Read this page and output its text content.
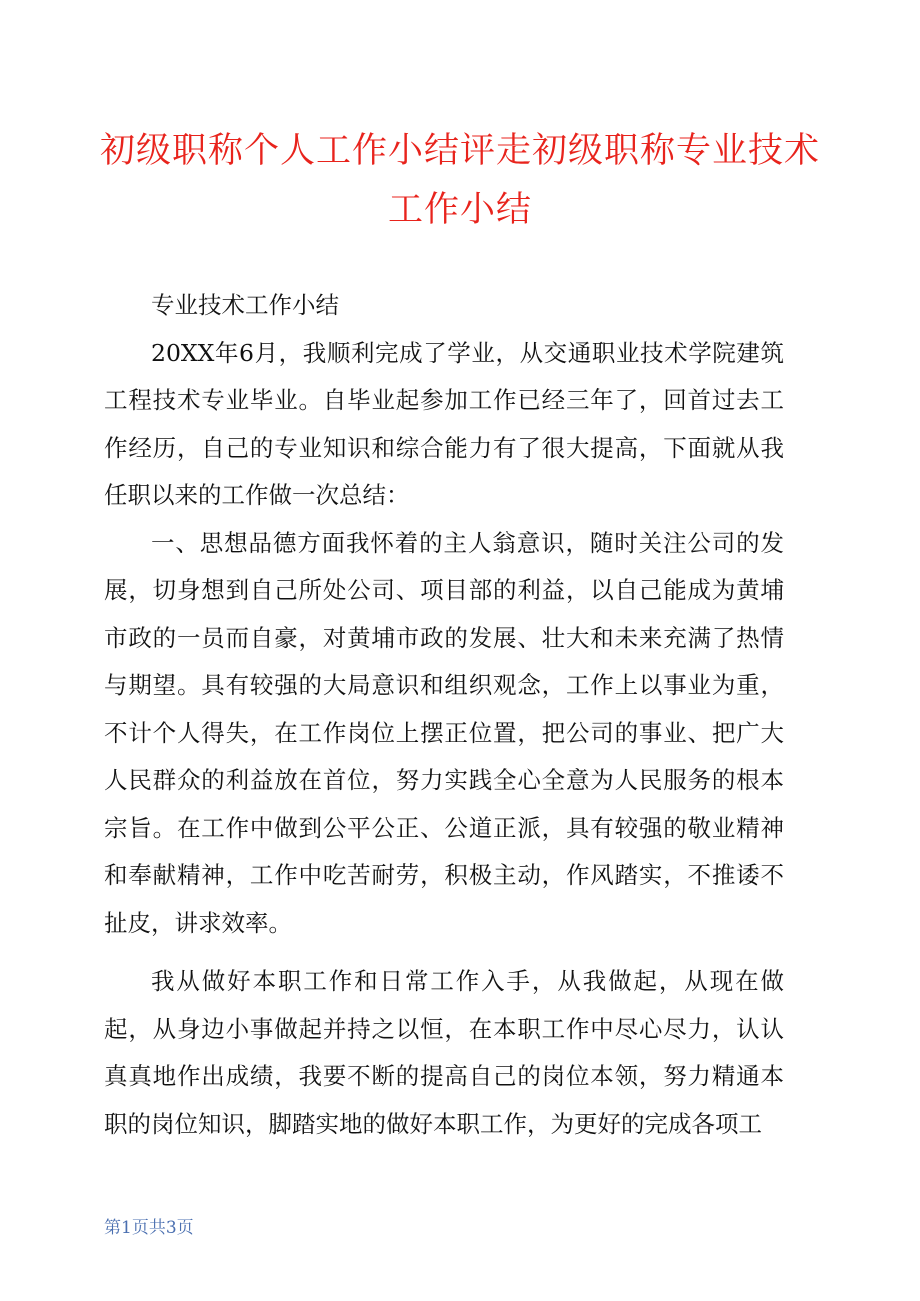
初级职称个人工作小结评走初级职称专业技术工作小结

专业技术工作小结

20XX年6月，我顺利完成了学业，从交通职业技术学院建筑工程技术专业毕业。自毕业起参加工作已经三年了，回首过去工作经历，自己的专业知识和综合能力有了很大提高，下面就从我任职以来的工作做一次总结：

一、思想品德方面我怀着的主人翁意识，随时关注公司的发展，切身想到自己所处公司、项目部的利益，以自己能成为黄埔市政的一员而自豪，对黄埔市政的发展、壮大和未来充满了热情与期望。具有较强的大局意识和组织观念，工作上以事业为重，不计个人得失，在工作岗位上摆正位置，把公司的事业、把广大人民群众的利益放在首位，努力实践全心全意为人民服务的根本宗旨。在工作中做到公平公正、公道正派，具有较强的敬业精神和奉献精神，工作中吃苦耐劳，积极主动，作风踏实，不推诿不扯皮，讲求效率。

我从做好本职工作和日常工作入手，从我做起，从现在做起，从身边小事做起并持之以恒，在本职工作中尽心尽力，认认真真地作出成绩，我要不断的提高自己的岗位本领，努力精通本职的岗位知识，脚踏实地的做好本职工作，为更好的完成各项工

第1页共3页
